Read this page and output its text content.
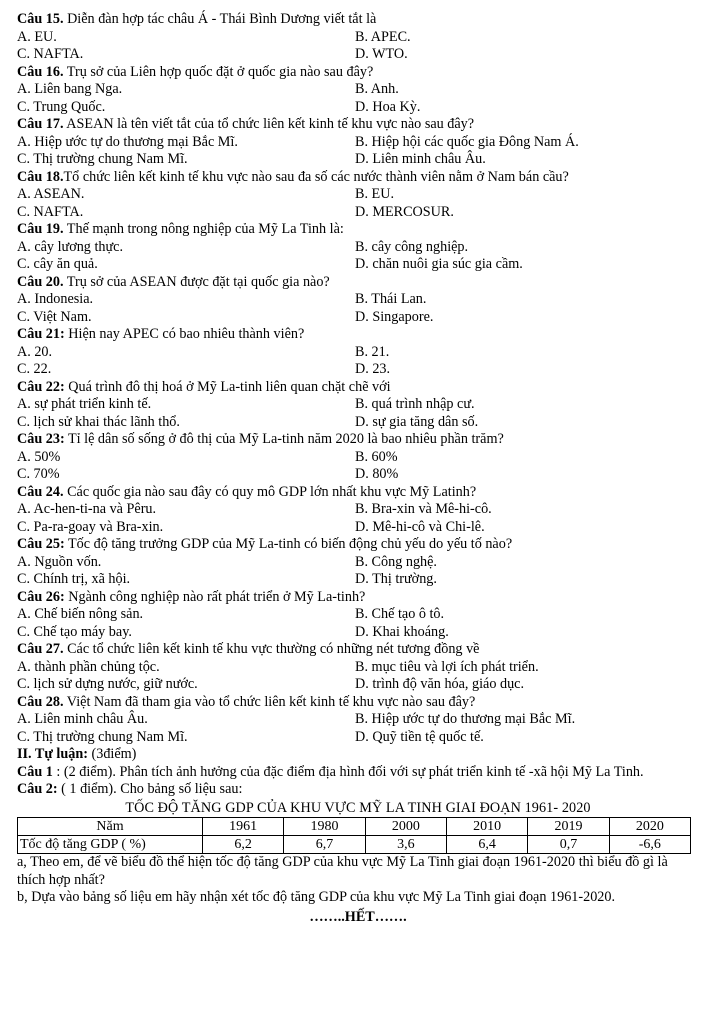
Câu 15. Diễn đàn hợp tác châu Á - Thái Bình Dương viết tắt là
A. EU.	B. APEC.
C. NAFTA.	D. WTO.
Câu 16. Trụ sở của Liên hợp quốc đặt ở quốc gia nào sau đây?
A. Liên bang Nga.	B. Anh.
C. Trung Quốc.	D. Hoa Kỳ.
Câu 17. ASEAN là tên viết tắt của tổ chức liên kết kinh tế khu vực nào sau đây?
A. Hiệp ước tự do thương mại Bắc Mĩ.	B. Hiệp hội các quốc gia Đông Nam Á.
C. Thị trường chung Nam Mĩ.	D. Liên minh châu Âu.
Câu 18.Tổ chức liên kết kinh tế khu vực nào sau đa số các nước thành viên nằm ở Nam bán cầu?
A. ASEAN.	B. EU.
C. NAFTA.	D. MERCOSUR.
Câu 19. Thế mạnh trong nông nghiệp của Mỹ La Tinh là:
A. cây lương thực.	B. cây công nghiệp.
C. cây ăn quả.	D. chăn nuôi gia súc gia cầm.
Câu 20. Trụ sở của ASEAN được đặt tại quốc gia nào?
A. Indonesia.	B. Thái Lan.
C. Việt Nam.	D. Singapore.
Câu 21: Hiện nay APEC có bao nhiêu thành viên?
A. 20.	B. 21.
C. 22.	D. 23.
Câu 22: Quá trình đô thị hoá ở Mỹ La-tinh liên quan chặt chẽ với
A. sự phát triển kinh tế.	B. quá trình nhập cư.
C. lịch sử khai thác lãnh thổ.	D. sự gia tăng dân số.
Câu 23: Tỉ lệ dân số sống ở đô thị của Mỹ La-tinh năm 2020 là bao nhiêu phần trăm?
A. 50%	B. 60%
C. 70%	D. 80%
Câu 24. Các quốc gia nào sau đây có quy mô GDP lớn nhất khu vực Mỹ Latinh?
A. Ac-hen-ti-na và Pêru.	B. Bra-xin và Mê-hi-cô.
C. Pa-ra-goay và Bra-xin.	D. Mê-hi-cô và Chi-lê.
Câu 25: Tốc độ tăng trưởng GDP của Mỹ La-tinh có biến động chủ yếu do yếu tố nào?
A. Nguồn vốn.	B. Công nghệ.
C. Chính trị, xã hội.	D. Thị trường.
Câu 26: Ngành công nghiệp nào rất phát triển ở Mỹ La-tinh?
A. Chế biến nông sản.	B. Chế tạo ô tô.
C. Chế tạo máy bay.	D. Khai khoáng.
Câu 27. Các tổ chức liên kết kinh tế khu vực thường có những nét tương đồng về
A. thành phần chủng tộc.	B. mục tiêu và lợi ích phát triển.
C. lịch sử dựng nước, giữ nước.	D. trình độ văn hóa, giáo dục.
Câu 28. Việt Nam đã tham gia vào tổ chức liên kết kinh tế khu vực nào sau đây?
A. Liên minh châu Âu.	B. Hiệp ước tự do thương mại Bắc Mĩ.
C. Thị trường chung Nam Mĩ.	D. Quỹ tiền tệ quốc tế.
II. Tự luận: (3điểm)
Câu 1 : (2 điểm). Phân tích ảnh hưởng của đặc điểm địa hình đối với sự phát triển kinh tế -xã hội Mỹ La Tinh.
Câu 2: ( 1 điểm). Cho bảng số liệu sau:
TỐC ĐỘ TĂNG GDP CỦA KHU VỰC MỸ LA TINH GIAI ĐOẠN 1961- 2020
Năm	1961	1980	2000	2010	2019	2020
Tốc độ tăng GDP ( %)	6,2	6,7	3,6	6,4	0,7	-6,6
a, Theo em, để vẽ biểu đồ thể hiện tốc độ tăng GDP của khu vực Mỹ La Tinh giai đoạn 1961-2020 thì biểu đồ gì là thích hợp nhất?
b, Dựa vào bảng số liệu em hãy nhận xét tốc độ tăng GDP của khu vực Mỹ La Tinh giai đoạn 1961-2020.
……..HẾT…….
